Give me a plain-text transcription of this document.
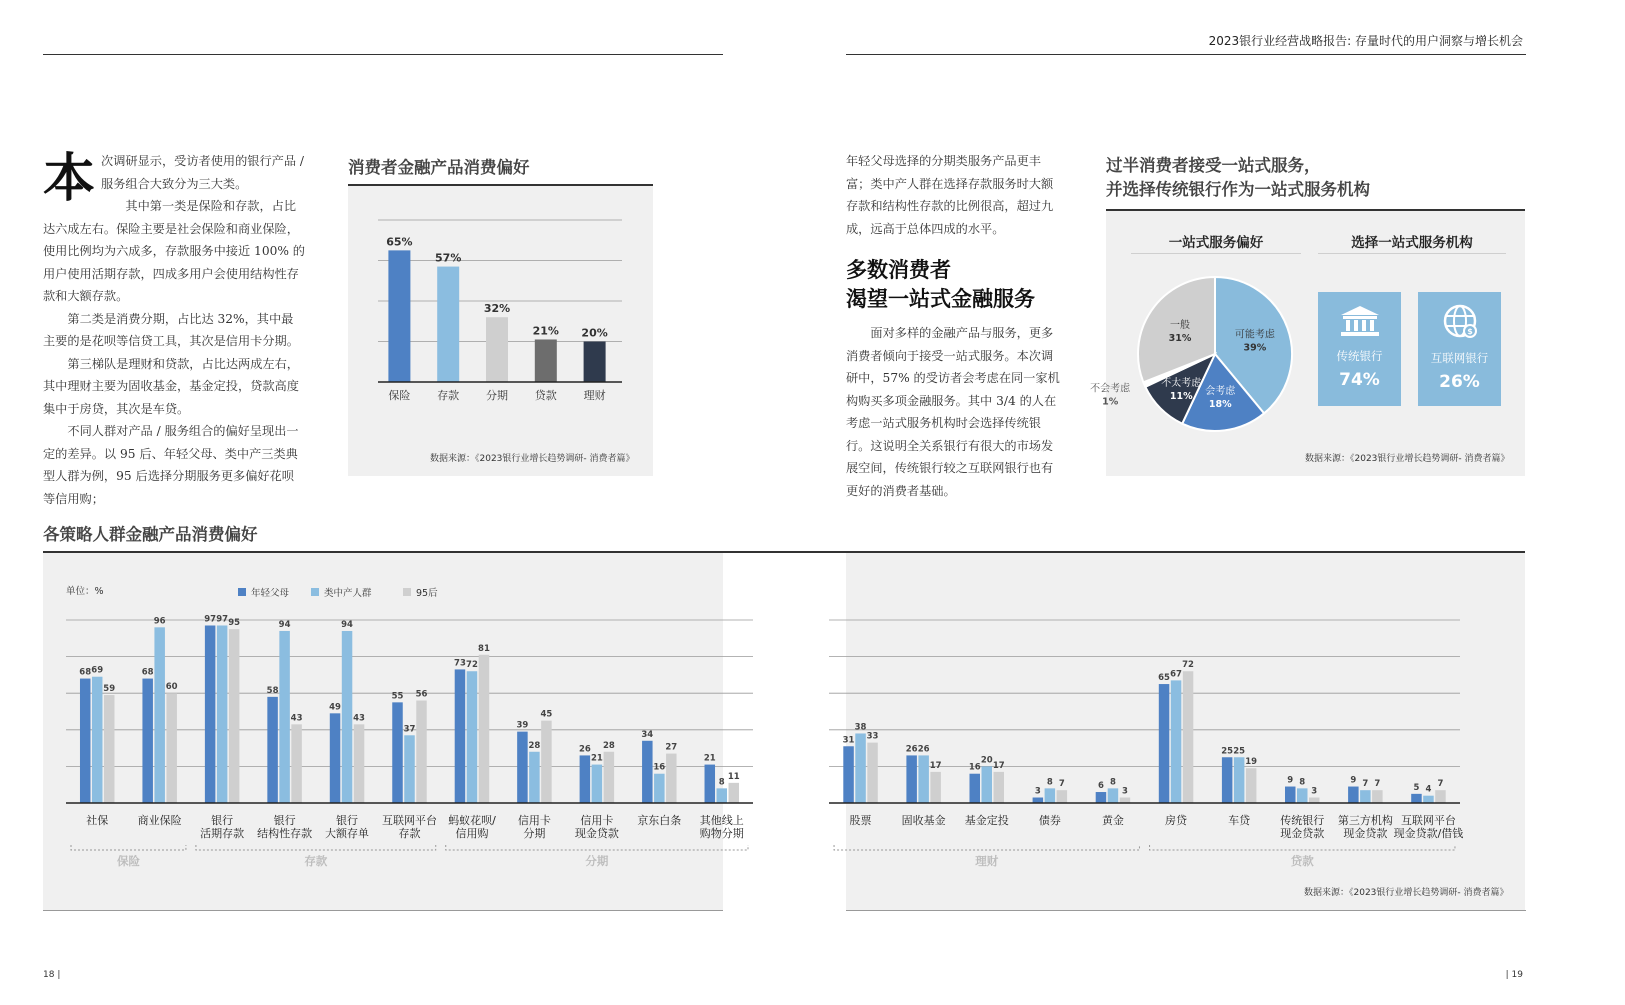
2023银行业经营战略报告: 存量时代的用户洞察与增长机会
本 次调研显示，受访者使用的银行产品 / 服务组合大致分为三大类。

其中第一类是保险和存款，占比达六成左右。保险主要是社会保险和商业保险，使用比例均为六成多，存款服务中接近 100% 的用户使用活期存款，四成多用户会使用结构性存款和大额存款。

第二类是消费分期，占比达 32%，其中最主要的是花呗等信贷工具，其次是信用卡分期。

第三梯队是理财和贷款，占比达两成左右，其中理财主要为固收基金，基金定投，贷款高度集中于房贷，其次是车贷。

不同人群对产品 / 服务组合的偏好呈现出一定的差异。以 95 后、年轻父母、类中产三类典型人群为例，95 后选择分期服务更多偏好花呗等信用购；

消费者金融产品消费偏好
65%
保险
57%
存款
32%
分期
21%
贷款
20%
理财
数据来源：《2023银行业增长趋势调研- 消费者篇》

年轻父母选择的分期类服务产品更丰富；类中产人群在选择存款服务时大额存款和结构性存款的比例很高，超过九成，远高于总体四成的水平。

多数消费者
渴望一站式金融服务

面对多样的金融产品与服务，更多消费者倾向于接受一站式服务。本次调研中，57% 的受访者会考虑在同一家机构购买多项金融服务。其中 3/4 的人在考虑一站式服务机构时会选择传统银行。这说明全关系银行有很大的市场发展空间，传统银行较之互联网银行也有更好的消费者基础。

过半消费者接受一站式服务，
并选择传统银行作为一站式服务机构
一站式服务偏好	选择一站式服务机构
可能考虑
39%
会考虑
18%
不太考虑
11%
不会考虑
1%
一般
31%
传统银行
74%
$
互联网银行
26%
数据来源：《2023银行业增长趋势调研- 消费者篇》
各策略人群金融产品消费偏好
单位：%	年轻父母	类中产人群	95后
68 69
59
社保
68
96
60
商业保险
97 97 95
银行
活期存款
58
94
43
银行
结构性存款
49
94
43
银行
大额存单
55
37
56
互联网平台
存款
73 72
81
蚂蚁花呗/
信用购
39
28
45
信用卡
分期
26
21
28
信用卡
现金贷款
34
16
27
京东白条
21
8
11
其他线上
购物分期
保险	存款	分期
31
38
33
股票
26 26
17
固收基金
16
20
17
基金定投
3
8 7
债券
6 8
3
黄金
65 67
72
房贷
25 25
19
车贷
9 8
3
传统银行
现金贷款
9 7 7
第三方机构
现金贷款
5 4
7
互联网平台
现金贷款/借钱
理财	贷款
数据来源：《2023银行业增长趋势调研- 消费者篇》
18 |	| 19
